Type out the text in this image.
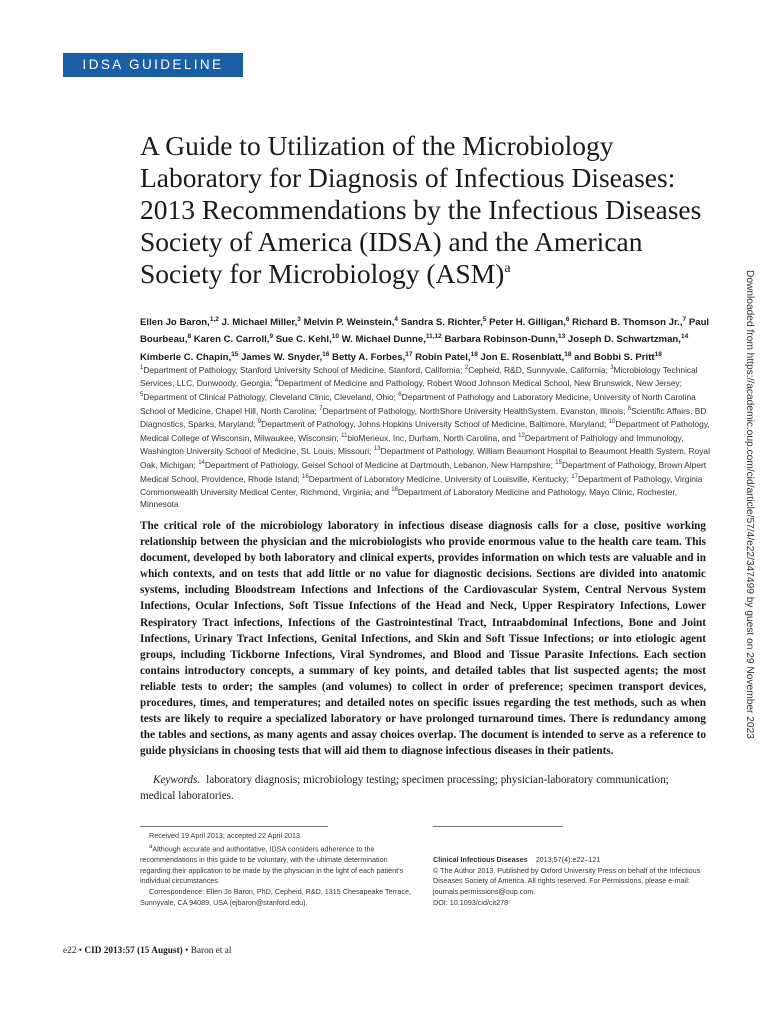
IDSA GUIDELINE
A Guide to Utilization of the Microbiology Laboratory for Diagnosis of Infectious Diseases: 2013 Recommendations by the Infectious Diseases Society of America (IDSA) and the American Society for Microbiology (ASM)$^a$
Ellen Jo Baron,$^{1,2}$ J. Michael Miller,$^3$ Melvin P. Weinstein,$^4$ Sandra S. Richter,$^5$ Peter H. Gilligan,$^6$ Richard B. Thomson Jr.,$^7$ Paul Bourbeau,$^8$ Karen C. Carroll,$^9$ Sue C. Kehl,$^{10}$ W. Michael Dunne,$^{11,12}$ Barbara Robinson-Dunn,$^{13}$ Joseph D. Schwartzman,$^{14}$ Kimberle C. Chapin,$^{15}$ James W. Snyder,$^{16}$ Betty A. Forbes,$^{17}$ Robin Patel,$^{18}$ Jon E. Rosenblatt,$^{18}$ and Bobbi S. Pritt$^{18}$
$^1$Department of Pathology, Stanford University School of Medicine, Stanford, California; $^2$Cepheid, R&D, Sunnyvale, California; $^3$Microbiology Technical Services, LLC, Dunwoody, Georgia; $^4$Department of Medicine and Pathology, Robert Wood Johnson Medical School, New Brunswick, New Jersey; $^5$Department of Clinical Pathology, Cleveland Clinic, Cleveland, Ohio; $^6$Department of Pathology and Laboratory Medicine, University of North Carolina School of Medicine, Chapel Hill, North Carolina; $^7$Department of Pathology, NorthShore University HealthSystem, Evanston, Illinois; $^8$Scientific Affairs, BD Diagnostics, Sparks, Maryland; $^9$Department of Pathology, Johns Hopkins University School of Medicine, Baltimore, Maryland; $^{10}$Department of Pathology, Medical College of Wisconsin, Milwaukee, Wisconsin; $^{11}$bioMerieux, Inc, Durham, North Carolina, and $^{12}$Department of Pathology and Immunology, Washington University School of Medicine, St. Louis, Missouri; $^{13}$Department of Pathology, William Beaumont Hospital to Beaumont Health System, Royal Oak, Michigan; $^{14}$Department of Pathology, Geisel School of Medicine at Dartmouth, Lebanon, New Hampshire; $^{15}$Department of Pathology, Brown Alpert Medical School, Providence, Rhode Island; $^{16}$Department of Laboratory Medicine, University of Louisville, Kentucky; $^{17}$Department of Pathology, Virginia Commonwealth University Medical Center, Richmond, Virginia; and $^{18}$Department of Laboratory Medicine and Pathology, Mayo Clinic, Rochester, Minnesota
The critical role of the microbiology laboratory in infectious disease diagnosis calls for a close, positive working relationship between the physician and the microbiologists who provide enormous value to the health care team. This document, developed by both laboratory and clinical experts, provides information on which tests are valuable and in which contexts, and on tests that add little or no value for diagnostic decisions. Sections are divided into anatomic systems, including Bloodstream Infections and Infections of the Cardiovascular System, Central Nervous System Infections, Ocular Infections, Soft Tissue Infections of the Head and Neck, Upper Respiratory Infections, Lower Respiratory Tract infections, Infections of the Gastrointestinal Tract, Intraabdominal Infections, Bone and Joint Infections, Urinary Tract Infections, Genital Infections, and Skin and Soft Tissue Infections; or into etiologic agent groups, including Tickborne Infections, Viral Syndromes, and Blood and Tissue Parasite Infections. Each section contains introductory concepts, a summary of key points, and detailed tables that list suspected agents; the most reliable tests to order; the samples (and volumes) to collect in order of preference; specimen transport devices, procedures, times, and temperatures; and detailed notes on specific issues regarding the test methods, such as when tests are likely to require a specialized laboratory or have prolonged turnaround times. There is redundancy among the tables and sections, as many agents and assay choices overlap. The document is intended to serve as a reference to guide physicians in choosing tests that will aid them to diagnose infectious diseases in their patients.
Keywords. laboratory diagnosis; microbiology testing; specimen processing; physician-laboratory communication; medical laboratories.

Received 19 April 2013; accepted 22 April 2013.

$^a$Although accurate and authoritative, IDSA considers adherence to the recommendations in this guide to be voluntary, with the ultimate determination regarding their application to be made by the physician in the light of each patient’s individual circumstances.

Correspondence: Ellen Jo Baron, PhD, Cepheid, R&D, 1315 Chesapeake Terrace, Sunnyvale, CA 94089, USA (ejbaron@stanford.edu).

Clinical Infectious Diseases 2013;57(4):e22–121

© The Author 2013. Published by Oxford University Press on behalf of the Infectious Diseases Society of America. All rights reserved. For Permissions, please e-mail: journals.permissions@oup.com.

DOI: 10.1093/cid/cit278

e22 • CID 2013:57 (15 August) • Baron et al
Downloaded from https://academic.oup.com/cid/article/57/4/e22/347499 by guest on 29 November 2023
